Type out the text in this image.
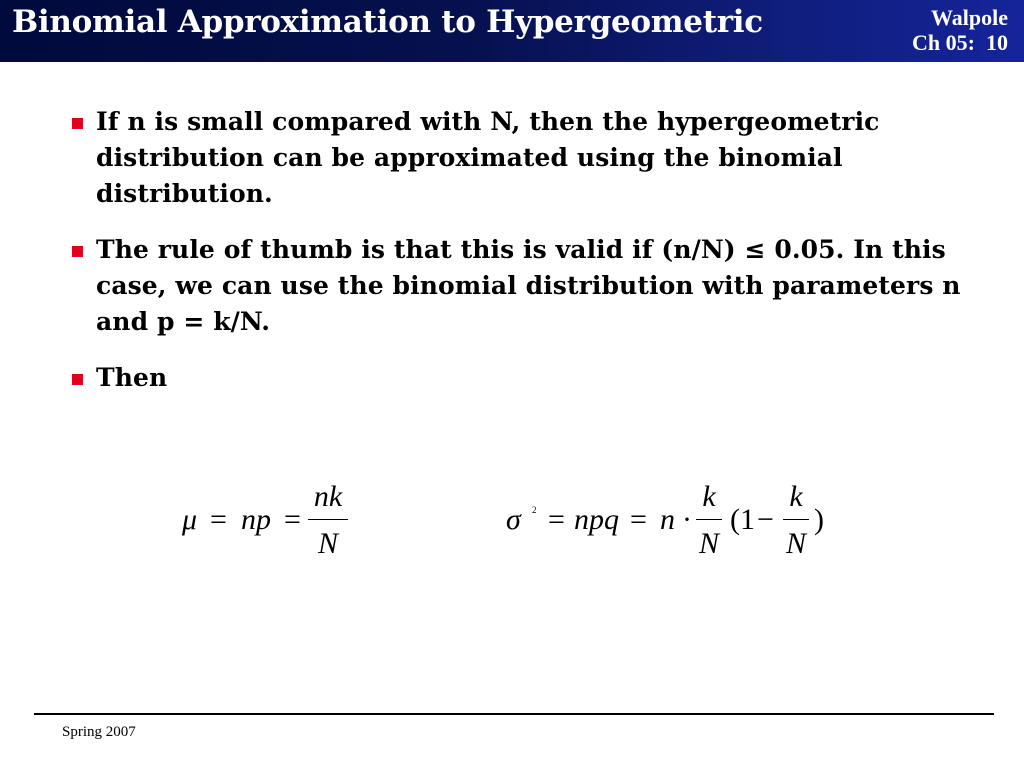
Binomial Approximation to Hypergeometric	Walpole
Ch 05:  10
If n is small compared with N, then the hypergeometric distribution can be approximated using the binomial distribution.
The rule of thumb is that this is valid if (n/N) ≤ 0.05. In this case, we can use the binomial distribution with parameters n and p = k/N.
Then
μ = np =
nk
N
σ 2 = npq = n ·
k
N
(1 −
k
N
)
Spring 2007
